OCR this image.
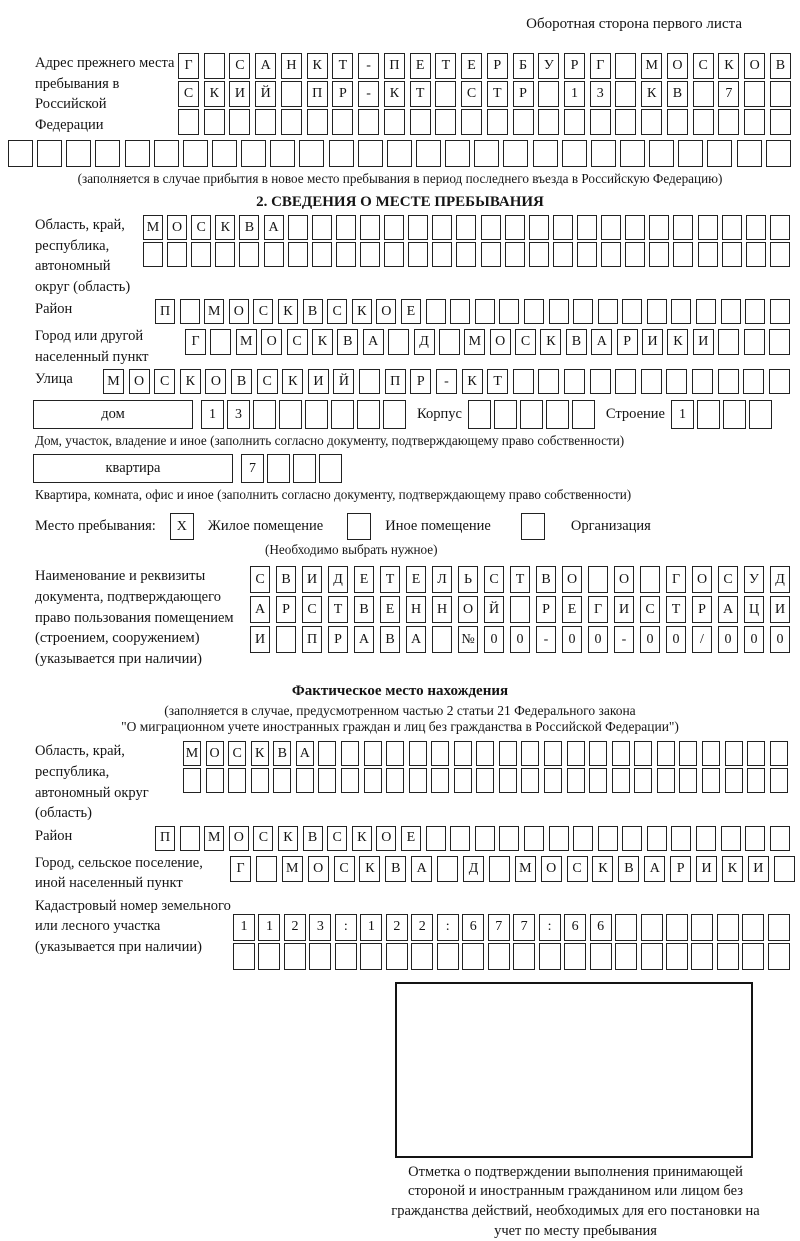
Оборотная сторона первого листа
Адрес прежнего места пребывания в Российской Федерации
Г	С	А	Н	К	Т	-	П	Е	Т	Е	Р	Б	У	Р	Г	М	О	С	К	О	В
С	К	И	Й	П	Р	-	К	Т	С	Т	Р	1	3	К	В	7
(заполняется в случае прибытия в новое место пребывания в период последнего въезда в Российскую Федерацию)
2. СВЕДЕНИЯ О МЕСТЕ ПРЕБЫВАНИЯ
Область, край, республика, автономный округ (область)
М О	С	К	В	А
Район	П	М О	С	К	В	С	К	О	Е
Город или другой населенный пункт
Г	М	О	С	К	В	А	Д	М	О	С	К	В	А	Р	И	К	И
Улица	М	О	С	К	О	В	С	К	И	Й	П	Р	-	К	Т
дом	1	3	Корпус	Строение	1
Дом, участок, владение и иное (заполнить согласно документу, подтверждающему право собственности)
квартира	7
Квартира, комната, офис и иное (заполнить согласно документу, подтверждающему право собственности)
Место пребывания:	X	Жилое помещение	Иное помещение	Организация
(Необходимо выбрать нужное)
Наименование и реквизиты документа, подтверждающего право пользования помещением (строением, сооружением) (указывается при наличии)
С	В	И	Д	Е	Т	Е	Л	Ь	С	Т	В	О	О	Г	О	С	У	Д
А	Р	С	Т	В	Е	Н	Н	О	Й	Р	Е	Г	И	С	Т	Р	А	Ц	И
И	П	Р	А	В	А	№	0	0	-	0	0	-	0	0	/	0	0	0
Фактическое место нахождения
(заполняется в случае, предусмотренном частью 2 статьи 21 Федерального закона
"О миграционном учете иностранных граждан и лиц без гражданства в Российской Федерации")
Область, край, республика, автономный округ (область)
М О С К В А
Район	П	М О	С	К	В	С	К	О	Е
Город, сельское поселение, иной населенный пункт
Г	М	О	С	К	В	А	Д	М	О	С	К	В	А	Р	И	К	И
Кадастровый номер земельного или лесного участка (указывается при наличии)
1	1	2	3	:	1	2	2	:	6	7	7	:	6	6
Отметка о подтверждении выполнения принимающей стороной и иностранным гражданином или лицом без гражданства действий, необходимых для его постановки на учет по месту пребывания
